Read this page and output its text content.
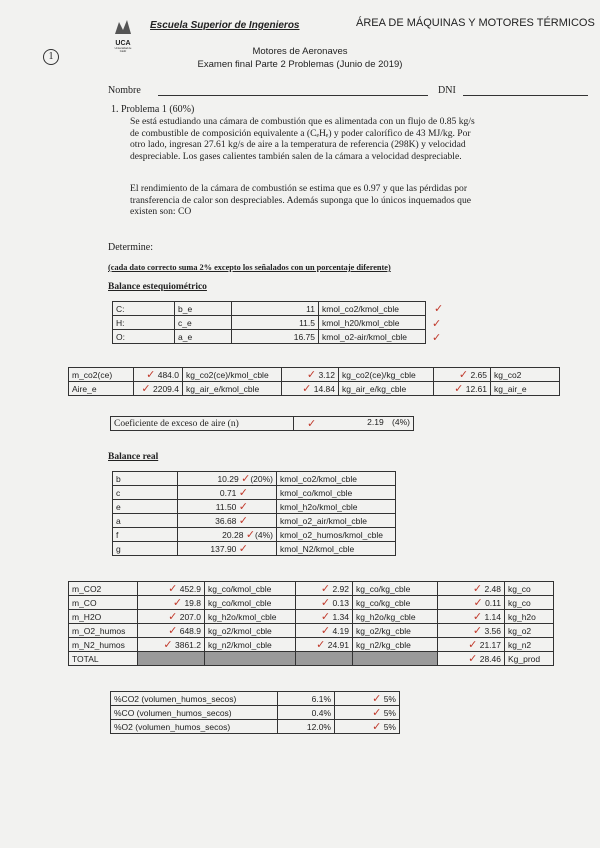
UCA
Universidad de Cádiz
Escuela Superior de Ingenieros	ÁREA DE MÁQUINAS Y MOTORES TÉRMICOS
1	Motores de Aeronaves
Examen final Parte 2 Problemas (Junio de 2019)
Nombre	DNI
1. Problema 1 (60%)
Se está estudiando una cámara de combustión que es alimentada con un flujo de 0.85 kg/s
de combustible de composición equivalente a (CₑHₑ) y poder calorífico de 43 MJ/kg. Por
otro lado, ingresan 27.61 kg/s de aire a la temperatura de referencia (298K) y velocidad
despreciable. Los gases calientes también salen de la cámara a velocidad despreciable.
El rendimiento de la cámara de combustión se estima que es 0.97 y que las pérdidas por
transferencia de calor son despreciables. Además suponga que lo únicos inquemados que
existen son: CO
Determine:
(cada dato correcto suma 2% excepto los señalados con un porcentaje diferente)
Balance estequiométrico
C:	b_e	11	kmol_co2/kmol_cble
H:	c_e	11.5	kmol_h20/kmol_cble
O:	a_e	16.75	kmol_o2-air/kmol_cble
✓
✓
✓
m_co2(ce)	✓ 484.0	kg_co2(ce)/kmol_cble	✓ 3.12	kg_co2(ce)/kg_cble	✓ 2.65	kg_co2
Aire_e	✓ 2209.4	kg_air_e/kmol_cble	✓ 14.84	kg_air_e/kg_cble	✓ 12.61	kg_air_e
Coeficiente de exceso de aire (n)	✓	2.19 (4%)
Balance real
b	10.29 ✓(20%)	kmol_co2/kmol_cble
c	0.71 ✓	kmol_co/kmol_cble
e	11.50 ✓	kmol_h2o/kmol_cble
a	36.68 ✓	kmol_o2_air/kmol_cble
f	20.28 ✓(4%)	kmol_o2_humos/kmol_cble
g	137.90 ✓	kmol_N2/kmol_cble
m_CO2	✓ 452.9	kg_co/kmol_cble	✓ 2.92	kg_co/kg_cble	✓ 2.48	kg_co
m_CO	✓ 19.8	kg_co/kmol_cble	✓ 0.13	kg_co/kg_cble	✓ 0.11	kg_co
m_H2O	✓ 207.0	kg_h2o/kmol_cble	✓ 1.34	kg_h2o/kg_cble	✓ 1.14	kg_h2o
m_O2_humos	✓ 648.9	kg_o2/kmol_cble	✓ 4.19	kg_o2/kg_cble	✓ 3.56	kg_o2
m_N2_humos	✓ 3861.2	kg_n2/kmol_cble	✓ 24.91	kg_n2/kg_cble	✓ 21.17	kg_n2
TOTAL					✓ 28.46	Kg_prod
%CO2 (volumen_humos_secos)	6.1%	✓ 5%
%CO (volumen_humos_secos)	0.4%	✓ 5%
%O2 (volumen_humos_secos)	12.0%	✓ 5%
